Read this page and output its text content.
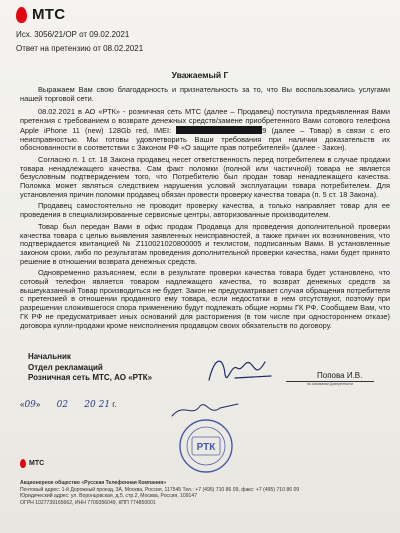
МТС
Исх. 3056/21/ОР от 09.02.2021
Ответ на претензию от 08.02.2021
Уважаемый Г

Выражаем Вам свою благодарность и признательность за то, что Вы воспользовались услугами нашей торговой сети.

08.02.2021 в АО «РТК» - розничная сеть МТС (далее – Продавец) поступила предъявленная Вами претензия с требованием о возврате денежных средств/замене приобретенного Вами сотового телефона Apple iPhone 11 (new) 128Gb red, IMEI:	9 (далее – Товар) в связи с его неисправностью. Мы готовы удовлетворить Ваши требования при наличии доказательств их обоснованности в соответствии с Законом РФ «О защите прав потребителей» (далее - Закон).

Согласно п. 1 ст. 18 Закона продавец несет ответственность перед потребителем в случае продажи товара ненадлежащего качества. Сам факт поломки (полной или частичной) товара не является безусловным подтверждением того, что Потребителю был продан товар ненадлежащего качества. Поломка может являться следствием нарушения условий эксплуатации товара потребителем. Для установления причин поломки продавец обязан провести проверку качества товара (п. 5 ст. 18 Закона).

Продавец самостоятельно не проводит проверку качества, а только направляет товар для ее проведения в специализированные сервисные центры, авторизованные производителем.

Товар был передан Вами в офис продаж Продавца для проведения дополнительной проверки качества товара с целью выявления заявленных неисправностей, а также причин их возникновения, что подтверждается квитанцией № Z110021020800005 и техлистом, подписанным Вами. В установленные законом сроки, либо по результатам проведения дополнительной проверки качества, нами будет принято решение в отношении возврата денежных средств.

Одновременно разъясняем, если в результате проверки качества товара будет установлено, что сотовый телефон является товаром надлежащего качества, то возврат денежных средств за вышеуказанный Товар производиться не будет. Закон не предусматривает случая обращения потребителя с претензией в отношении проданного ему товара, если недостатки в нем отсутствуют, поэтому при разрешении сложившегося спора применению будут подлежать общие нормы ГК РФ. Сообщаем Вам, что ГК РФ не предусматривает иных оснований для расторжения (в том числе при одностороннем отказе) договора купли-продажи кроме неисполнения продавцом своих обязательств по договору.

Начальник
Отдел рекламаций
Розничная сеть МТС, АО «РТК»	Попова И.В.
на основании Доверенности
«09» 02 20 21 г.
РТК
МТС
Акционерное общество «Русская Телефонная Компания»
Почтовый адрес: 1-й Дорожный проезд, 3А, Москва, Россия, 117545 Тел.: +7 (495) 710 86 09, факс: +7 (495) 710 86 09
Юридический адрес: ул. Воронцовская, д.5, стр.2, Москва, Россия, 109147
ОГРН 1027739165662, ИНН 7709356049, КПП 774850001
